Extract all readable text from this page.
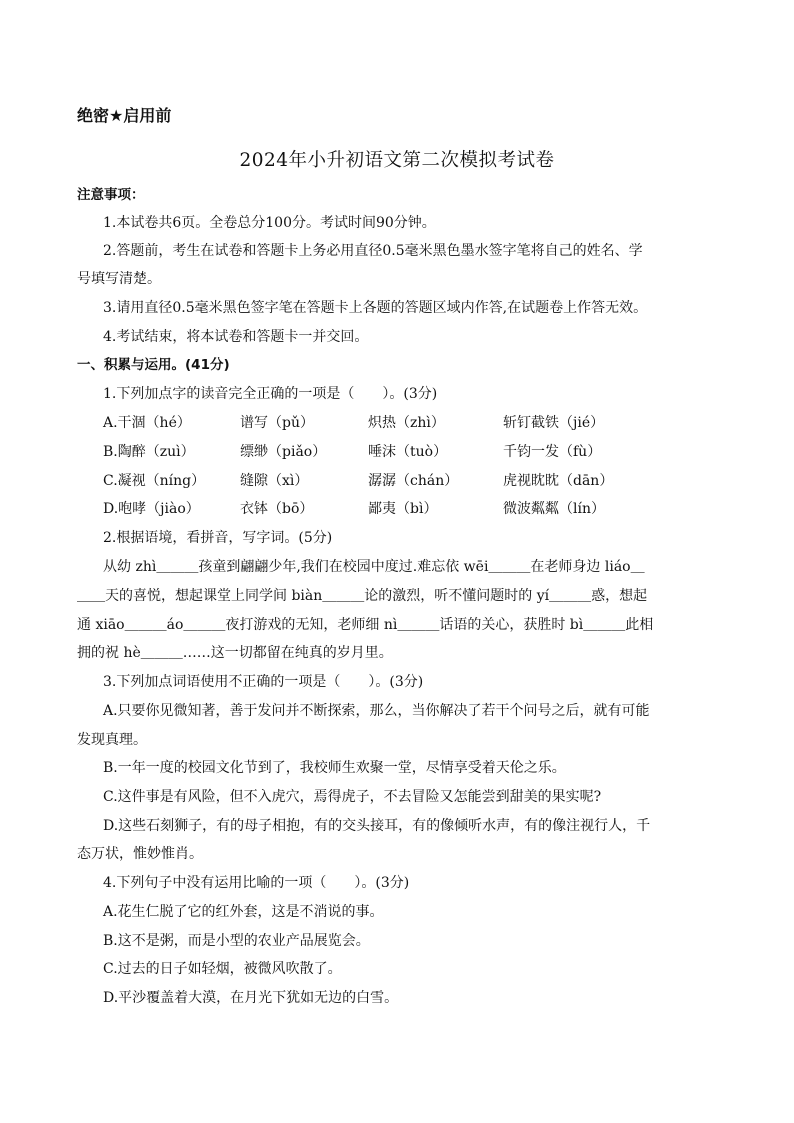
绝密★启用前
2024年小升初语文第二次模拟考试卷
注意事项：
1.本试卷共6页。全卷总分100分。考试时间90分钟。
2.答题前，考生在试卷和答题卡上务必用直径0.5毫米黑色墨水签字笔将自己的姓名、学
号填写清楚。
3.请用直径0.5毫米黑色签字笔在答题卡上各题的答题区域内作答,在试题卷上作答无效。
4.考试结束，将本试卷和答题卡一并交回。
一、积累与运用。(41分)
1.下列加点字的读音完全正确的一项是（　　）。(3分)
A.干涸（hé）	谱写（pǔ）	炽热（zhì）	斩钉截铁（jié）
B.陶醉（zuì）	缥缈（piǎo）	唾沫（tuò）	千钧一发（fù）
C.凝视（níng） 缝隙（xì）	潺潺（chán）	虎视眈眈（dān）
D.咆哮（jiào）	衣钵（bō）	鄙夷（bì）	微波粼粼（lín）
2.根据语境，看拼音，写字词。(5分)
从幼 zhì＿＿＿孩童到翩翩少年,我们在校园中度过.难忘依 wēi＿＿＿在老师身边 liáo＿
＿＿天的喜悦，想起课堂上同学间 biàn＿＿＿论的激烈，听不懂问题时的 yí＿＿＿惑，想起
通 xiāo＿＿＿áo＿＿＿夜打游戏的无知，老师细 nì＿＿＿话语的关心，获胜时 bì＿＿＿此相
拥的祝 hè＿＿＿……这一切都留在纯真的岁月里。
3.下列加点词语使用不正确的一项是（　　）。(3分)
A.只要你见微知著，善于发问并不断探索，那么，当你解决了若干个问号之后，就有可能
发现真理。
B.一年一度的校园文化节到了，我校师生欢聚一堂，尽情享受着天伦之乐。
C.这件事是有风险，但不入虎穴，焉得虎子，不去冒险又怎能尝到甜美的果实呢?
D.这些石刻狮子，有的母子相抱，有的交头接耳，有的像倾听水声，有的像注视行人，千
态万状，惟妙惟肖。
4.下列句子中没有运用比喻的一项（　　）。(3分)
A.花生仁脱了它的红外套，这是不消说的事。
B.这不是粥，而是小型的农业产品展览会。
C.过去的日子如轻烟，被微风吹散了。
D.平沙覆盖着大漠，在月光下犹如无边的白雪。
